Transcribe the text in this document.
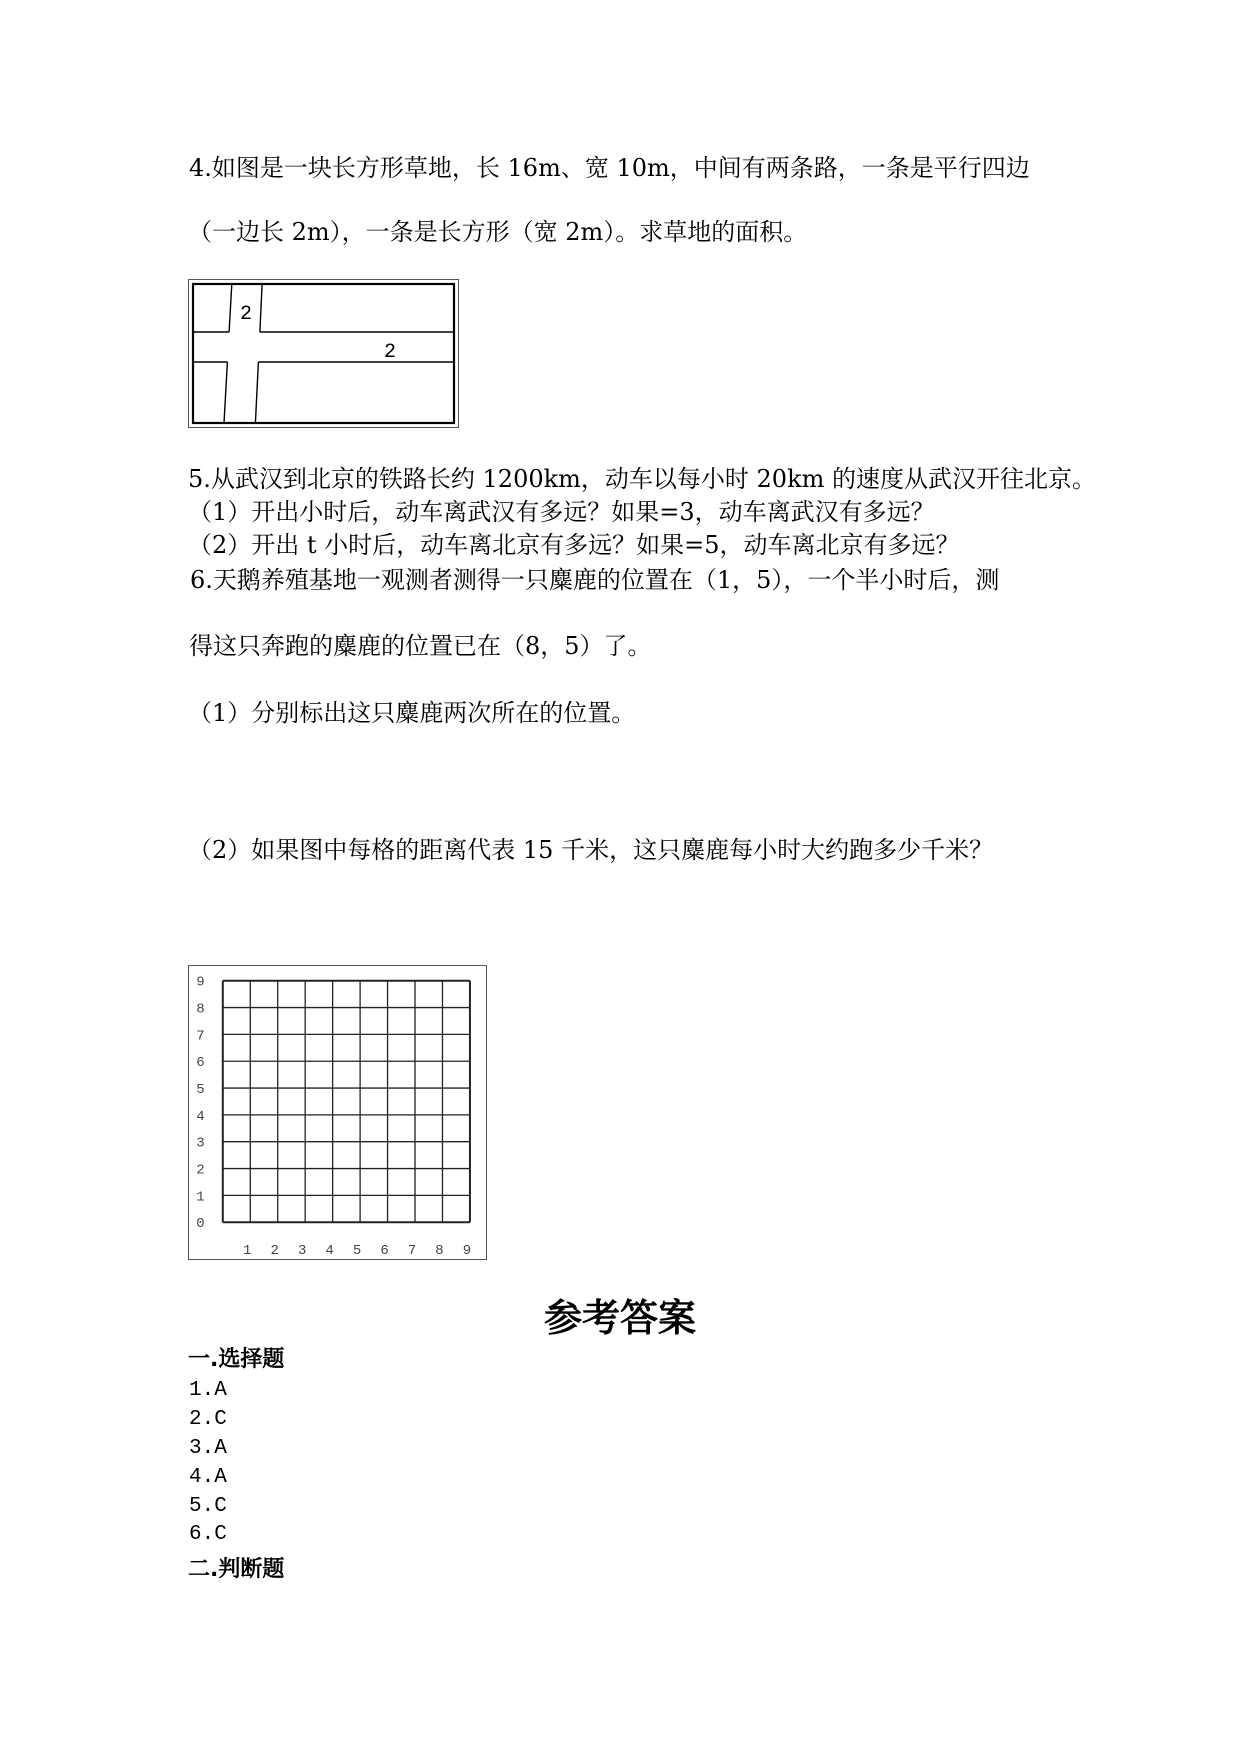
4.如图是一块长方形草地，长 16m、宽 10m，中间有两条路，一条是平行四边
（一边长 2m），一条是长方形（宽 2m）。求草地的面积。
2
2
5.从武汉到北京的铁路长约 1200km，动车以每小时 20km 的速度从武汉开往北京。
（1）开出小时后，动车离武汉有多远？如果=3，动车离武汉有多远？
（2）开出 t 小时后，动车离北京有多远？如果=5，动车离北京有多远？
6.天鹅养殖基地一观测者测得一只麋鹿的位置在（1，5），一个半小时后，测
得这只奔跑的麋鹿的位置已在（8，5）了。
（1）分别标出这只麋鹿两次所在的位置。
（2）如果图中每格的距离代表 15 千米，这只麋鹿每小时大约跑多少千米？
0
1
2
3
4
5
6
7
8
9
1 2 3 4 5 6 7 8 9
参考答案
一.选择题
1.A
2.C
3.A
4.A
5.C
6.C
二.判断题
